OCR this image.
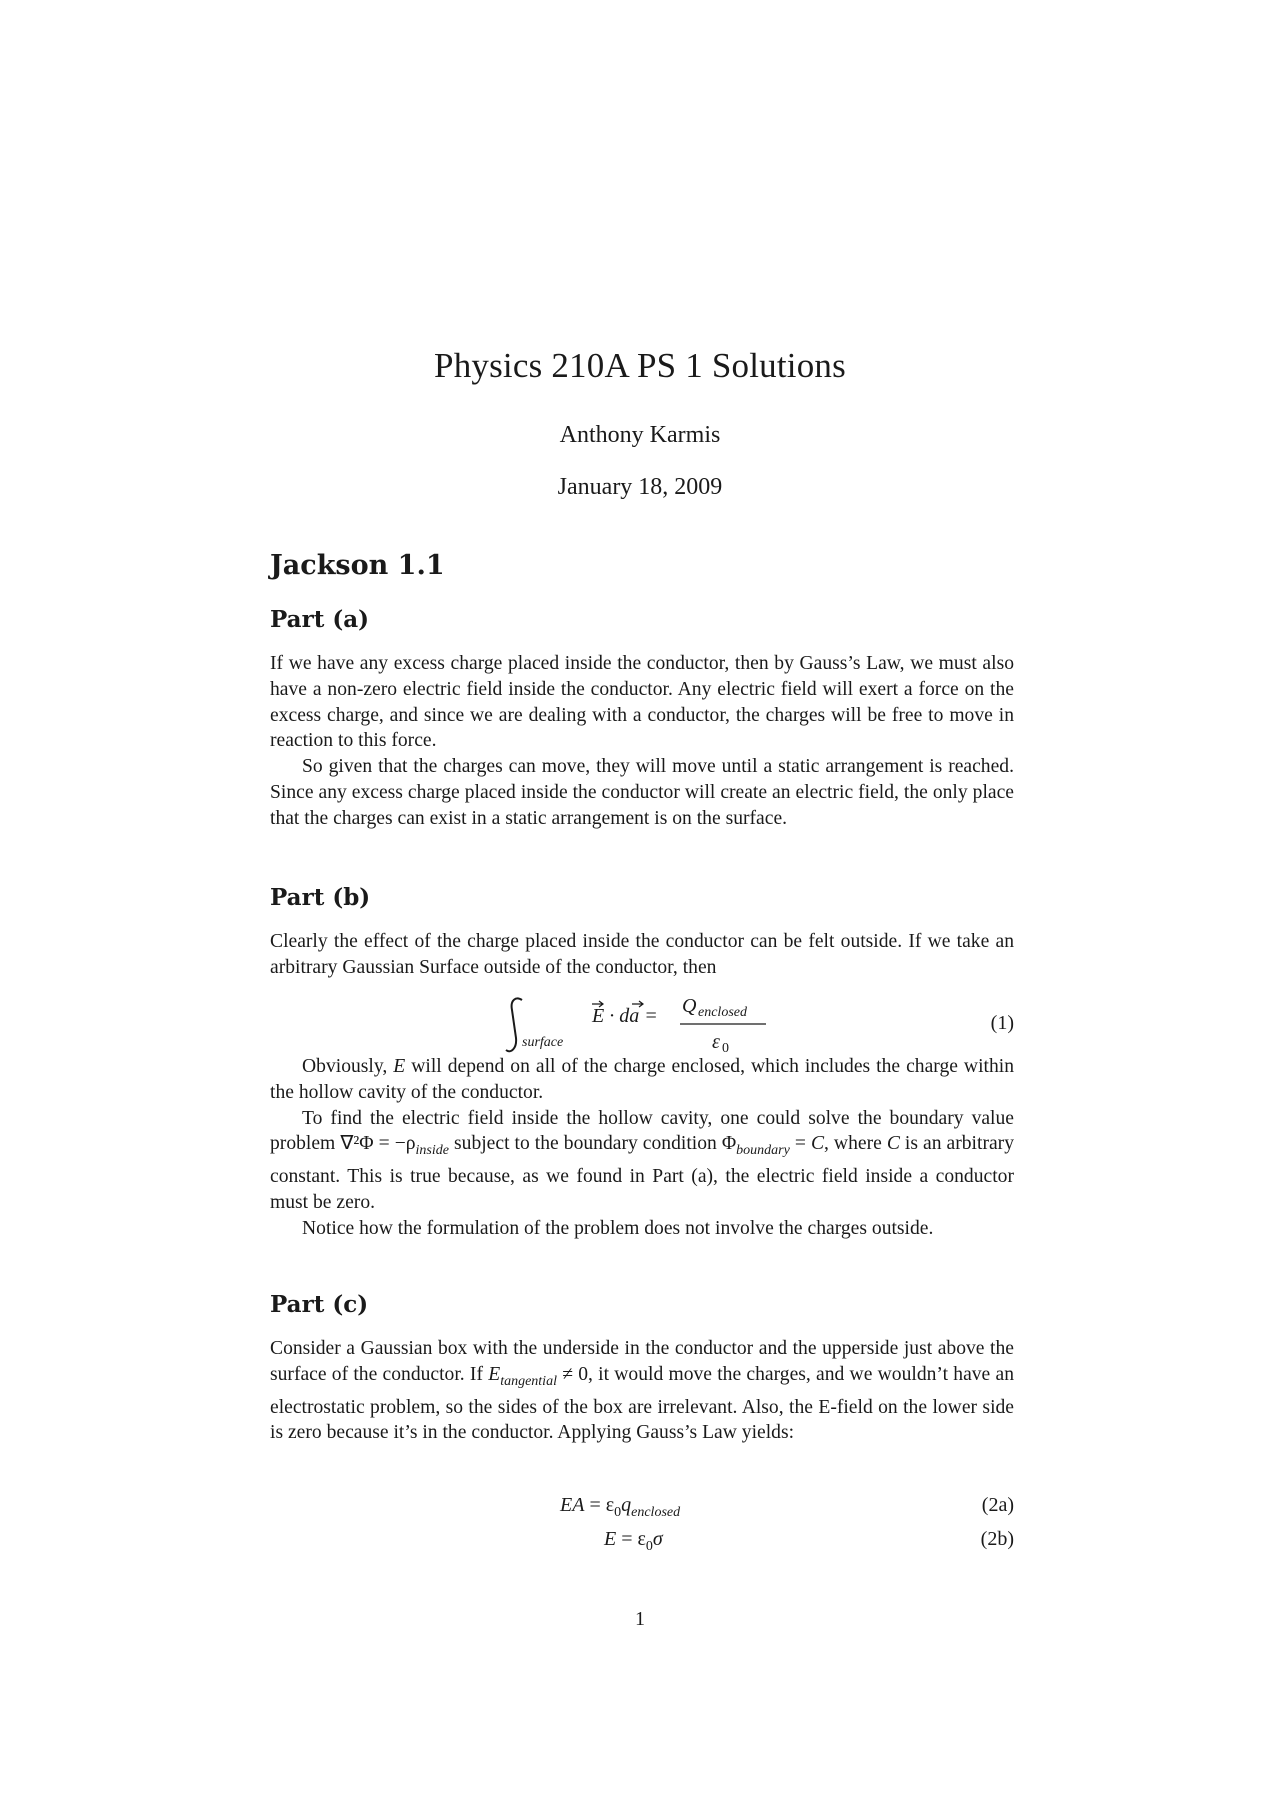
Physics 210A PS 1 Solutions
Anthony Karmis
January 18, 2009
Jackson 1.1
Part (a)

If we have any excess charge placed inside the conductor, then by Gauss’s Law, we must also have a non-zero electric field inside the conductor. Any electric field will exert a force on the excess charge, and since we are dealing with a conductor, the charges will be free to move in reaction to this force.

So given that the charges can move, they will move until a static arrangement is reached. Since any excess charge placed inside the conductor will create an electric field, the only place that the charges can exist in a static arrangement is on the surface.

Part (b)

Clearly the effect of the charge placed inside the conductor can be felt outside. If we take an arbitrary Gaussian Surface outside of the conductor, then

surface
E · da = Q enclosed
ε 0
(1)

Obviously, E will depend on all of the charge enclosed, which includes the charge within the hollow cavity of the conductor.

To find the electric field inside the hollow cavity, one could solve the boundary value problem $\nabla^2\Phi = -\rho_{inside}$ subject to the boundary condition $\Phi_{boundary} = C$, where C is an arbitrary constant. This is true because, as we found in Part (a), the electric field inside a conductor must be zero.

Notice how the formulation of the problem does not involve the charges outside.

Part (c)

Consider a Gaussian box with the underside in the conductor and the upperside just above the surface of the conductor. If $E_{tangential} \ne 0$, it would move the charges, and we wouldn’t have an electrostatic problem, so the sides of the box are irrelevant. Also, the E-field on the lower side is zero because it’s in the conductor. Applying Gauss’s Law yields:

EA = $\varepsilon_0q_{enclosed}$	(2a)
$E = \varepsilon_0\sigma$	(2b)
1
